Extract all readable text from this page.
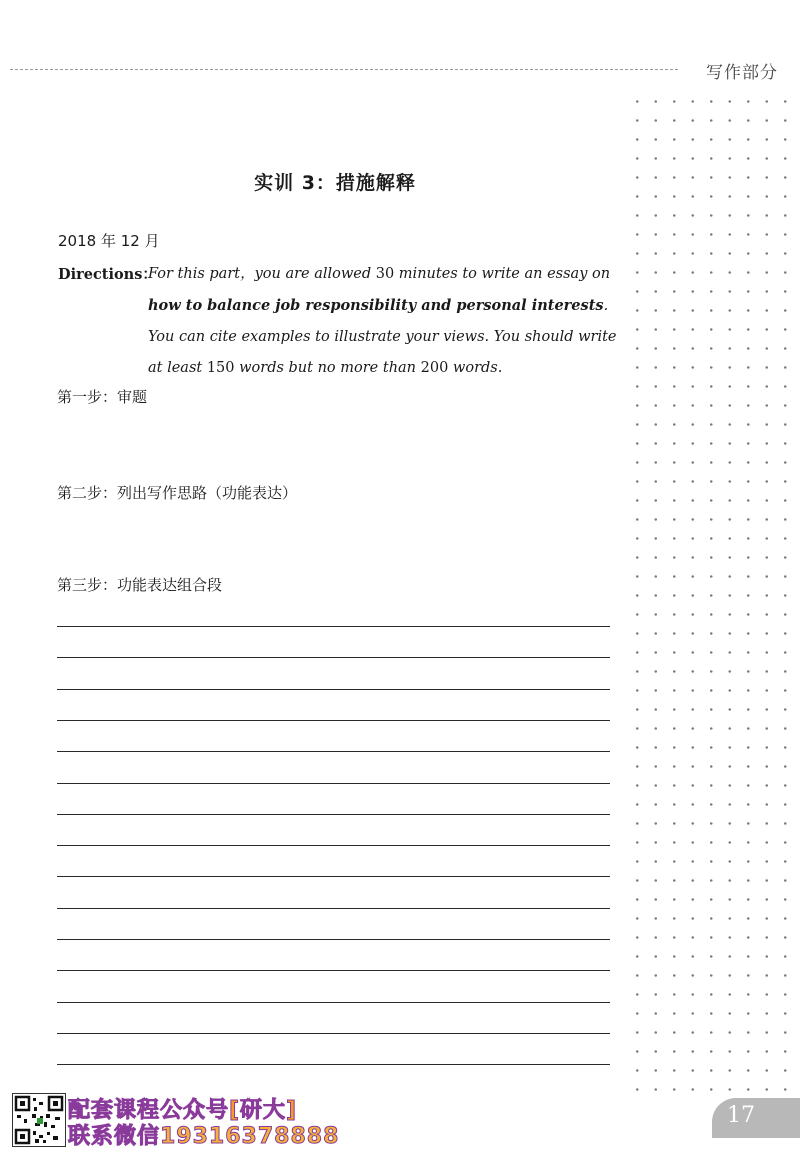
写作部分
实训 3：措施解释
2018 年 12 月
Directions：
For this part，you are allowed 30 minutes to write an essay on how to balance job responsibility and personal interests. You can cite examples to illustrate your views. You should write at least 150 words but no more than 200 words.
第一步：审题
第二步：列出写作思路（功能表达）
第三步：功能表达组合段
配套课程公众号[研大]
联系微信19316378888
17
